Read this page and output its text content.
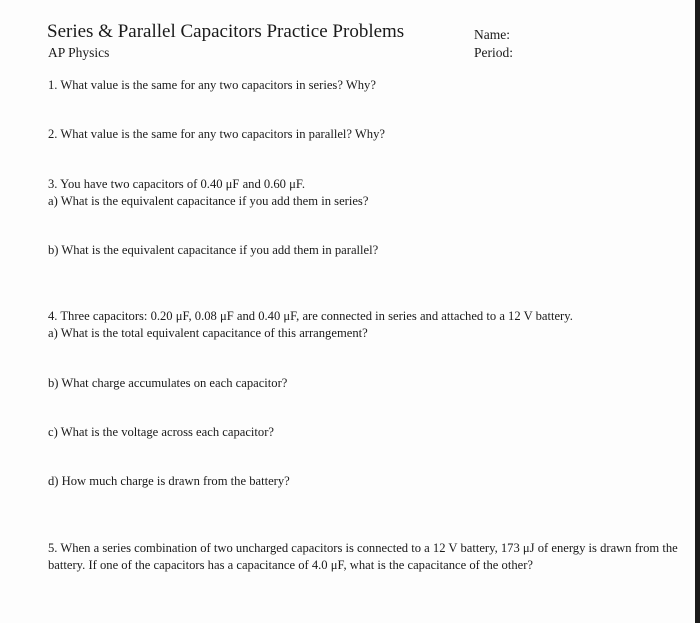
Series & Parallel Capacitors Practice Problems
AP Physics
Name:
Period:
1. What value is the same for any two capacitors in series? Why?
2. What value is the same for any two capacitors in parallel? Why?
3. You have two capacitors of 0.40 μF and 0.60 μF.
a) What is the equivalent capacitance if you add them in series?
b) What is the equivalent capacitance if you add them in parallel?
4. Three capacitors: 0.20 μF, 0.08 μF and 0.40 μF, are connected in series and attached to a 12 V battery.
a) What is the total equivalent capacitance of this arrangement?
b) What charge accumulates on each capacitor?
c) What is the voltage across each capacitor?
d) How much charge is drawn from the battery?
5. When a series combination of two uncharged capacitors is connected to a 12 V battery, 173 μJ of energy is drawn from the battery. If one of the capacitors has a capacitance of 4.0 μF, what is the capacitance of the other?
